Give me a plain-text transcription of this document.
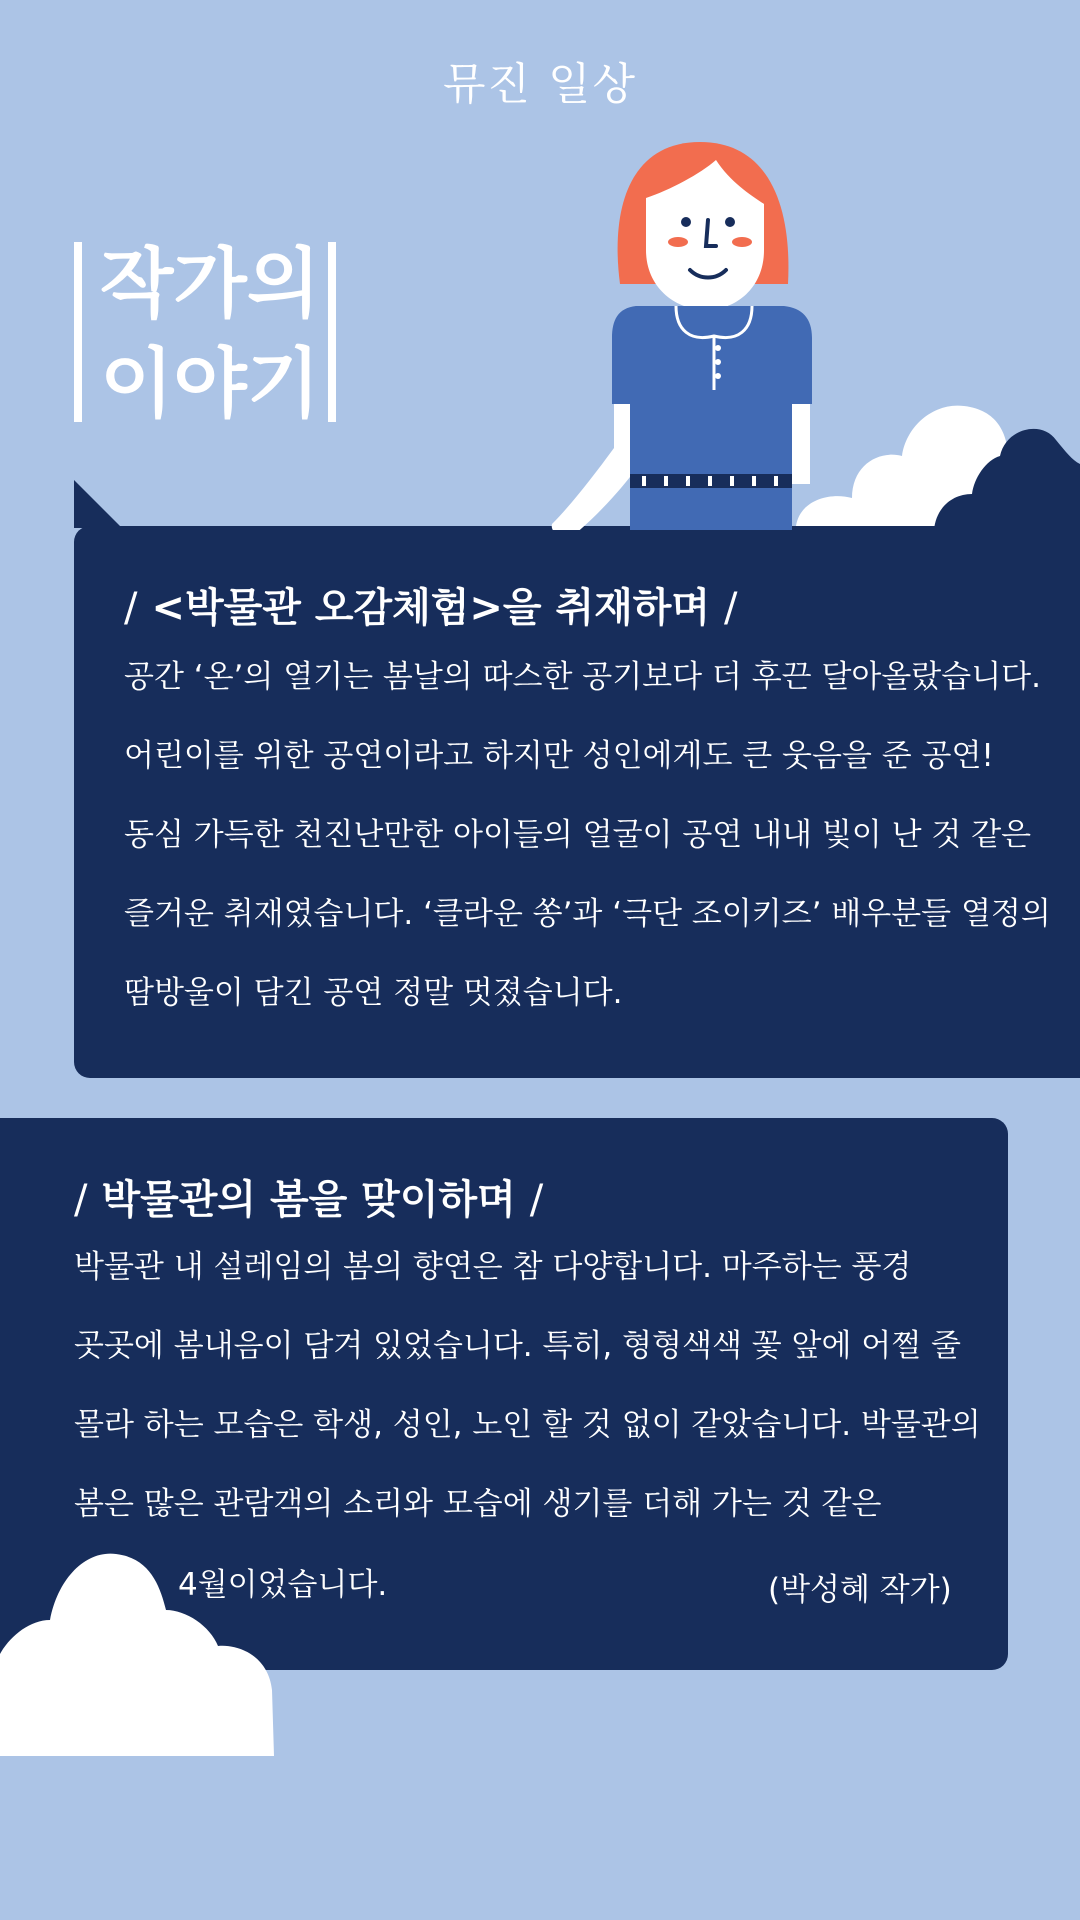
뮤진 일상
작가의
이야기
/ <박물관 오감체험>을 취재하며 /
공간 ‘온’의 열기는 봄날의 따스한 공기보다 더 후끈 달아올랐습니다.
어린이를 위한 공연이라고 하지만 성인에게도 큰 웃음을 준 공연!
동심 가득한 천진난만한 아이들의 얼굴이 공연 내내 빛이 난 것 같은
즐거운 취재였습니다. ‘클라운 쏭’과 ‘극단 조이키즈’ 배우분들 열정의
땀방울이 담긴 공연 정말 멋졌습니다.
/ 박물관의 봄을 맞이하며 /
박물관 내 설레임의 봄의 향연은 참 다양합니다. 마주하는 풍경
곳곳에 봄내음이 담겨 있었습니다. 특히, 형형색색 꽃 앞에 어쩔 줄
몰라 하는 모습은 학생, 성인, 노인 할 것 없이 같았습니다. 박물관의
봄은 많은 관람객의 소리와 모습에 생기를 더해 가는 것 같은
4월이었습니다.	(박성혜 작가)
